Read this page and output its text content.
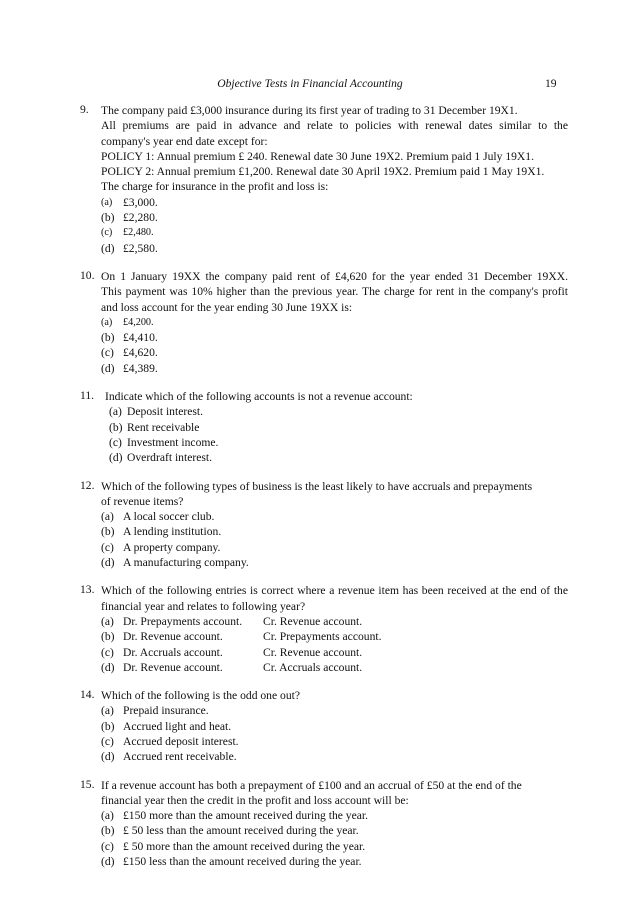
Objective Tests in Financial Accounting	19
9.	The company paid £3,000 insurance during its first year of trading to 31 December 19X1.
All premiums are paid in advance and relate to policies with renewal dates similar to the
company's year end date except for:
POLICY 1: Annual premium £ 240. Renewal date 30 June 19X2. Premium paid 1 July 19X1.
POLICY 2: Annual premium £1,200. Renewal date 30 April 19X2. Premium paid 1 May 19X1.
The charge for insurance in the profit and loss is:
(a) £3,000.
(b) £2,280.
(c)	£2,480.
(d) £2,580.
10. On 1 January 19XX the company paid rent of £4,620 for the year ended 31 December 19XX.
This payment was 10% higher than the previous year. The charge for rent in the company's profit
and loss account for the year ending 30 June 19XX is:
(a)	£4,200.
(b) £4,410.
(c) £4,620.
(d) £4,389.
11. Indicate which of the following accounts is not a revenue account:
(a) Deposit interest.
(b) Rent receivable
(c) Investment income.
(d) Overdraft interest.
12. Which of the following types of business is the least likely to have accruals and prepayments
of revenue items?
(a) A local soccer club.
(b) A lending institution.
(c) A property company.
(d) A manufacturing company.
13. Which of the following entries is correct where a revenue item has been received at the end of the
financial year and relates to following year?
(a) Dr. Prepayments account.	Cr. Revenue account.
(b) Dr. Revenue account.	Cr. Prepayments account.
(c) Dr. Accruals account.	Cr. Revenue account.
(d) Dr. Revenue account.	Cr. Accruals account.
14. Which of the following is the odd one out?
(a) Prepaid insurance.
(b) Accrued light and heat.
(c) Accrued deposit interest.
(d) Accrued rent receivable.
15. If a revenue account has both a prepayment of £100 and an accrual of £50 at the end of the
financial year then the credit in the profit and loss account will be:
(a) £150 more than the amount received during the year.
(b) £ 50 less than the amount received during the year.
(c) £ 50 more than the amount received during the year.
(d) £150 less than the amount received during the year.
